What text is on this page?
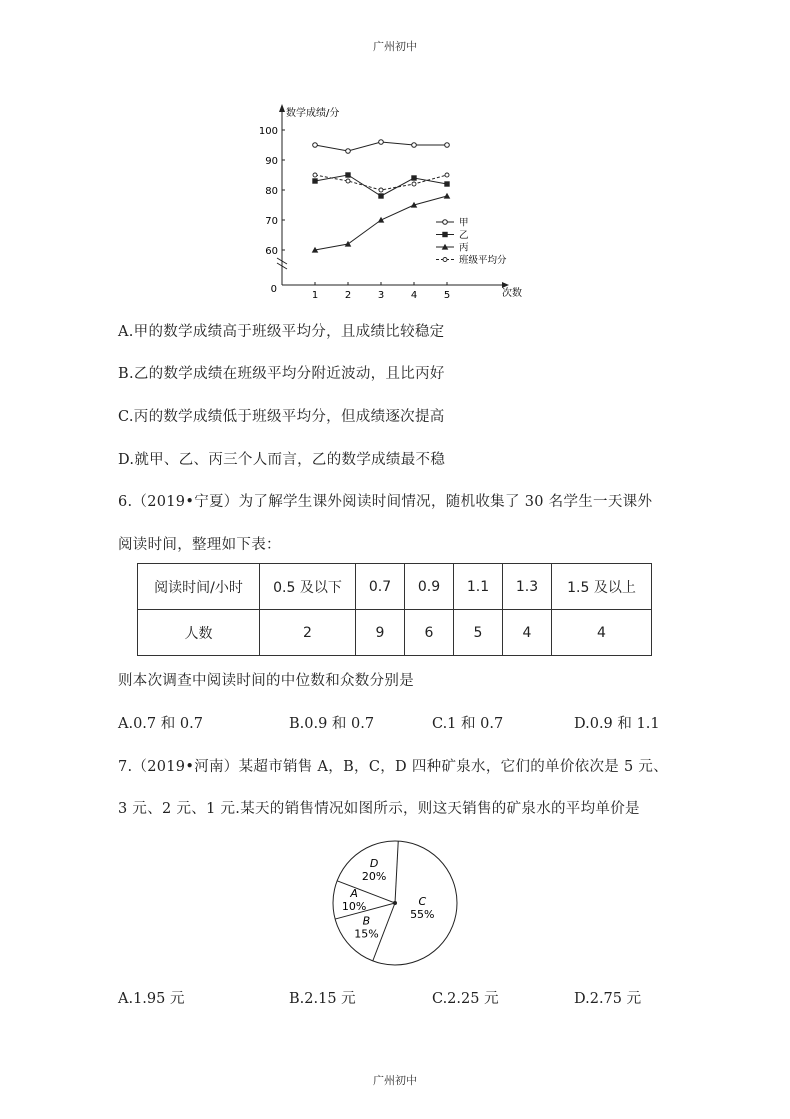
广州初中
数学成绩/分
100
90
80
70
60
0
1	2	3	4	5	次数
甲
乙
丙
班级平均分
A.甲的数学成绩高于班级平均分，且成绩比较稳定
B.乙的数学成绩在班级平均分附近波动，且比丙好
C.丙的数学成绩低于班级平均分，但成绩逐次提高
D.就甲、乙、丙三个人而言，乙的数学成绩最不稳
6.（2019•宁夏）为了解学生课外阅读时间情况，随机收集了 30 名学生一天课外
阅读时间，整理如下表：
阅读时间/小时	0.5 及以下	0.7	0.9	1.1	1.3	1.5 及以上
人数	2	9	6	5	4	4
则本次调查中阅读时间的中位数和众数分别是
A.0.7 和 0.7	B.0.9 和 0.7	C.1 和 0.7	D.0.9 和 1.1
7.（2019•河南）某超市销售 A，B，C，D 四种矿泉水，它们的单价依次是 5 元、
3 元、2 元、1 元.某天的销售情况如图所示，则这天销售的矿泉水的平均单价是
A
10%
D
20%
C
55%
B
15%
A.1.95 元	B.2.15 元	C.2.25 元	D.2.75 元
广州初中
